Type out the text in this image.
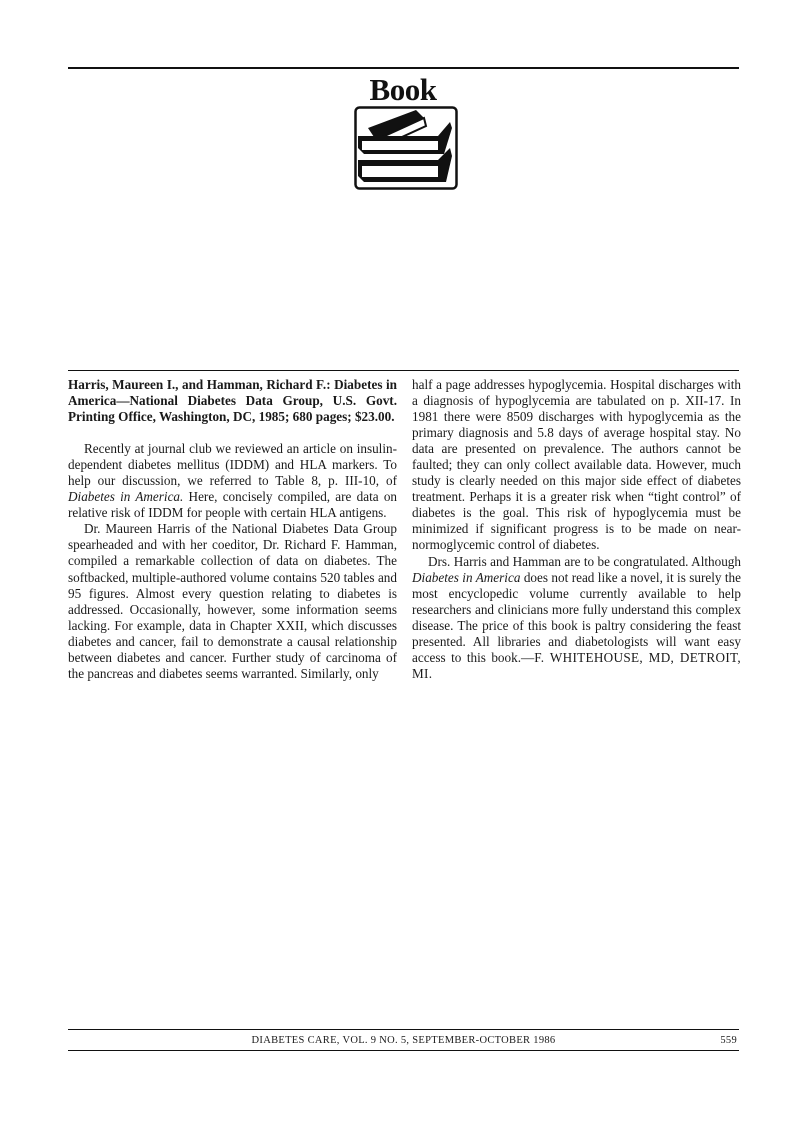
Book

Harris, Maureen I., and Hamman, Richard F.: Diabetes in America—National Diabetes Data Group, U.S. Govt. Printing Office, Washington, DC, 1985; 680 pages; $23.00.

Recently at journal club we reviewed an article on insulin-dependent diabetes mellitus (IDDM) and HLA markers. To help our discussion, we referred to Table 8, p. III-10, of Diabetes in America. Here, concisely compiled, are data on relative risk of IDDM for people with certain HLA antigens.

Dr. Maureen Harris of the National Diabetes Data Group spearheaded and with her coeditor, Dr. Richard F. Hamman, compiled a remarkable collection of data on diabetes. The softbacked, multiple-authored volume contains 520 tables and 95 figures. Almost every question relating to diabetes is addressed. Occasionally, however, some information seems lacking. For example, data in Chapter XXII, which discusses diabetes and cancer, fail to demonstrate a causal relationship between diabetes and cancer. Further study of carcinoma of the pancreas and diabetes seems warranted. Similarly, only

half a page addresses hypoglycemia. Hospital discharges with a diagnosis of hypoglycemia are tabulated on p. XII-17. In 1981 there were 8509 discharges with hypoglycemia as the primary diagnosis and 5.8 days of average hospital stay. No data are presented on prevalence. The authors cannot be faulted; they can only collect available data. However, much study is clearly needed on this major side effect of diabetes treatment. Perhaps it is a greater risk when “tight control” of diabetes is the goal. This risk of hypoglycemia must be minimized if significant progress is to be made on near-normoglycemic control of diabetes.

Drs. Harris and Hamman are to be congratulated. Although Diabetes in America does not read like a novel, it is surely the most encyclopedic volume currently available to help researchers and clinicians more fully understand this complex disease. The price of this book is paltry considering the feast presented. All libraries and diabetologists will want easy access to this book.—F. WHITEHOUSE, MD, DETROIT, MI.

DIABETES CARE, VOL. 9 NO. 5, SEPTEMBER-OCTOBER 1986	559
